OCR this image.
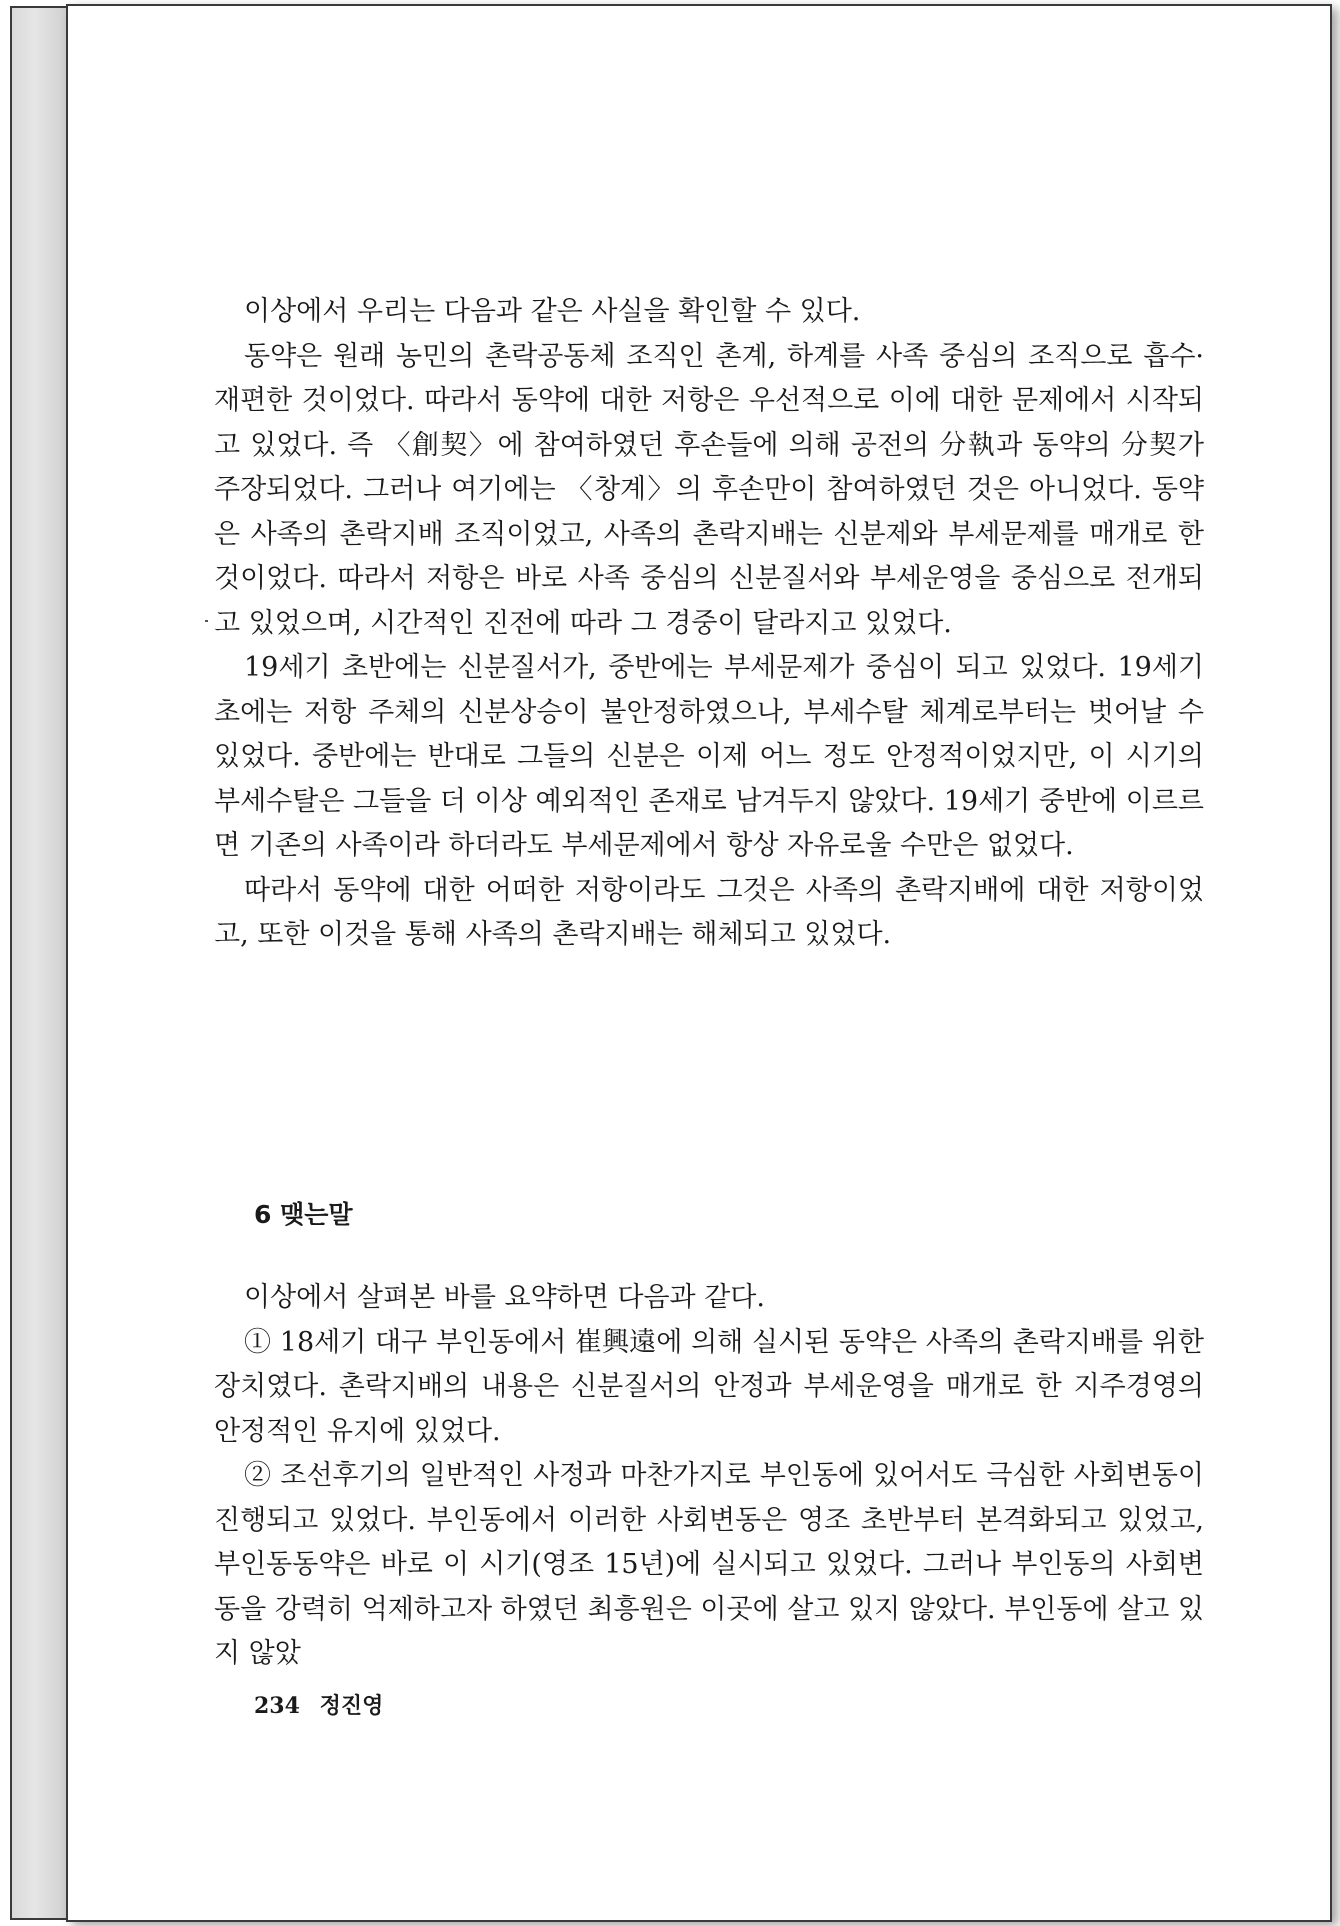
이상에서 우리는 다음과 같은 사실을 확인할 수 있다.

동약은 원래 농민의 촌락공동체 조직인 촌계, 하계를 사족 중심의 조직으로 흡수·재편한 것이었다. 따라서 동약에 대한 저항은 우선적으로 이에 대한 문제에서 시작되고 있었다. 즉 〈創契〉에 참여하였던 후손들에 의해 공전의 分執과 동약의 分契가 주장되었다. 그러나 여기에는 〈창계〉의 후손만이 참여하였던 것은 아니었다. 동약은 사족의 촌락지배 조직이었고, 사족의 촌락지배는 신분제와 부세문제를 매개로 한 것이었다. 따라서 저항은 바로 사족 중심의 신분질서와 부세운영을 중심으로 전개되고 있었으며, 시간적인 진전에 따라 그 경중이 달라지고 있었다.

19세기 초반에는 신분질서가, 중반에는 부세문제가 중심이 되고 있었다. 19세기초에는 저항 주체의 신분상승이 불안정하였으나, 부세수탈 체계로부터는 벗어날 수 있었다. 중반에는 반대로 그들의 신분은 이제 어느 정도 안정적이었지만, 이 시기의 부세수탈은 그들을 더 이상 예외적인 존재로 남겨두지 않았다. 19세기 중반에 이르르면 기존의 사족이라 하더라도 부세문제에서 항상 자유로울 수만은 없었다.

따라서 동약에 대한 어떠한 저항이라도 그것은 사족의 촌락지배에 대한 저항이었고, 또한 이것을 통해 사족의 촌락지배는 해체되고 있었다.

6 맺는말

이상에서 살펴본 바를 요약하면 다음과 같다.

① 18세기 대구 부인동에서 崔興遠에 의해 실시된 동약은 사족의 촌락지배를 위한 장치였다. 촌락지배의 내용은 신분질서의 안정과 부세운영을 매개로 한 지주경영의 안정적인 유지에 있었다.

② 조선후기의 일반적인 사정과 마찬가지로 부인동에 있어서도 극심한 사회변동이 진행되고 있었다. 부인동에서 이러한 사회변동은 영조 초반부터 본격화되고 있었고, 부인동동약은 바로 이 시기(영조 15년)에 실시되고 있었다. 그러나 부인동의 사회변동을 강력히 억제하고자 하였던 최흥원은 이곳에 살고 있지 않았다. 부인동에 살고 있지 않았

234 정진영
